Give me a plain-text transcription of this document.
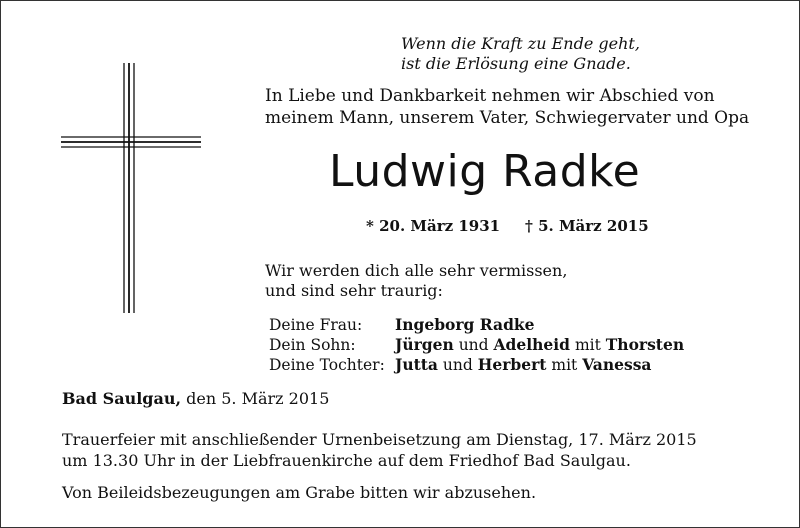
Wenn die Kraft zu Ende geht,
ist die Erlösung eine Gnade.
In Liebe und Dankbarkeit nehmen wir Abschied von
meinem Mann, unserem Vater, Schwiegervater und Opa
Ludwig Radke
* 20. März 1931 † 5. März 2015
Wir werden dich alle sehr vermissen,
und sind sehr traurig:
Deine Frau: Ingeborg Radke
Dein Sohn:	Jürgen und Adelheid mit Thorsten
Deine Tochter: Jutta und Herbert mit Vanessa
Bad Saulgau, den 5. März 2015
Trauerfeier mit anschließender Urnenbeisetzung am Dienstag, 17. März 2015
um 13.30 Uhr in der Liebfrauenkirche auf dem Friedhof Bad Saulgau.
Von Beileidsbezeugungen am Grabe bitten wir abzusehen.
